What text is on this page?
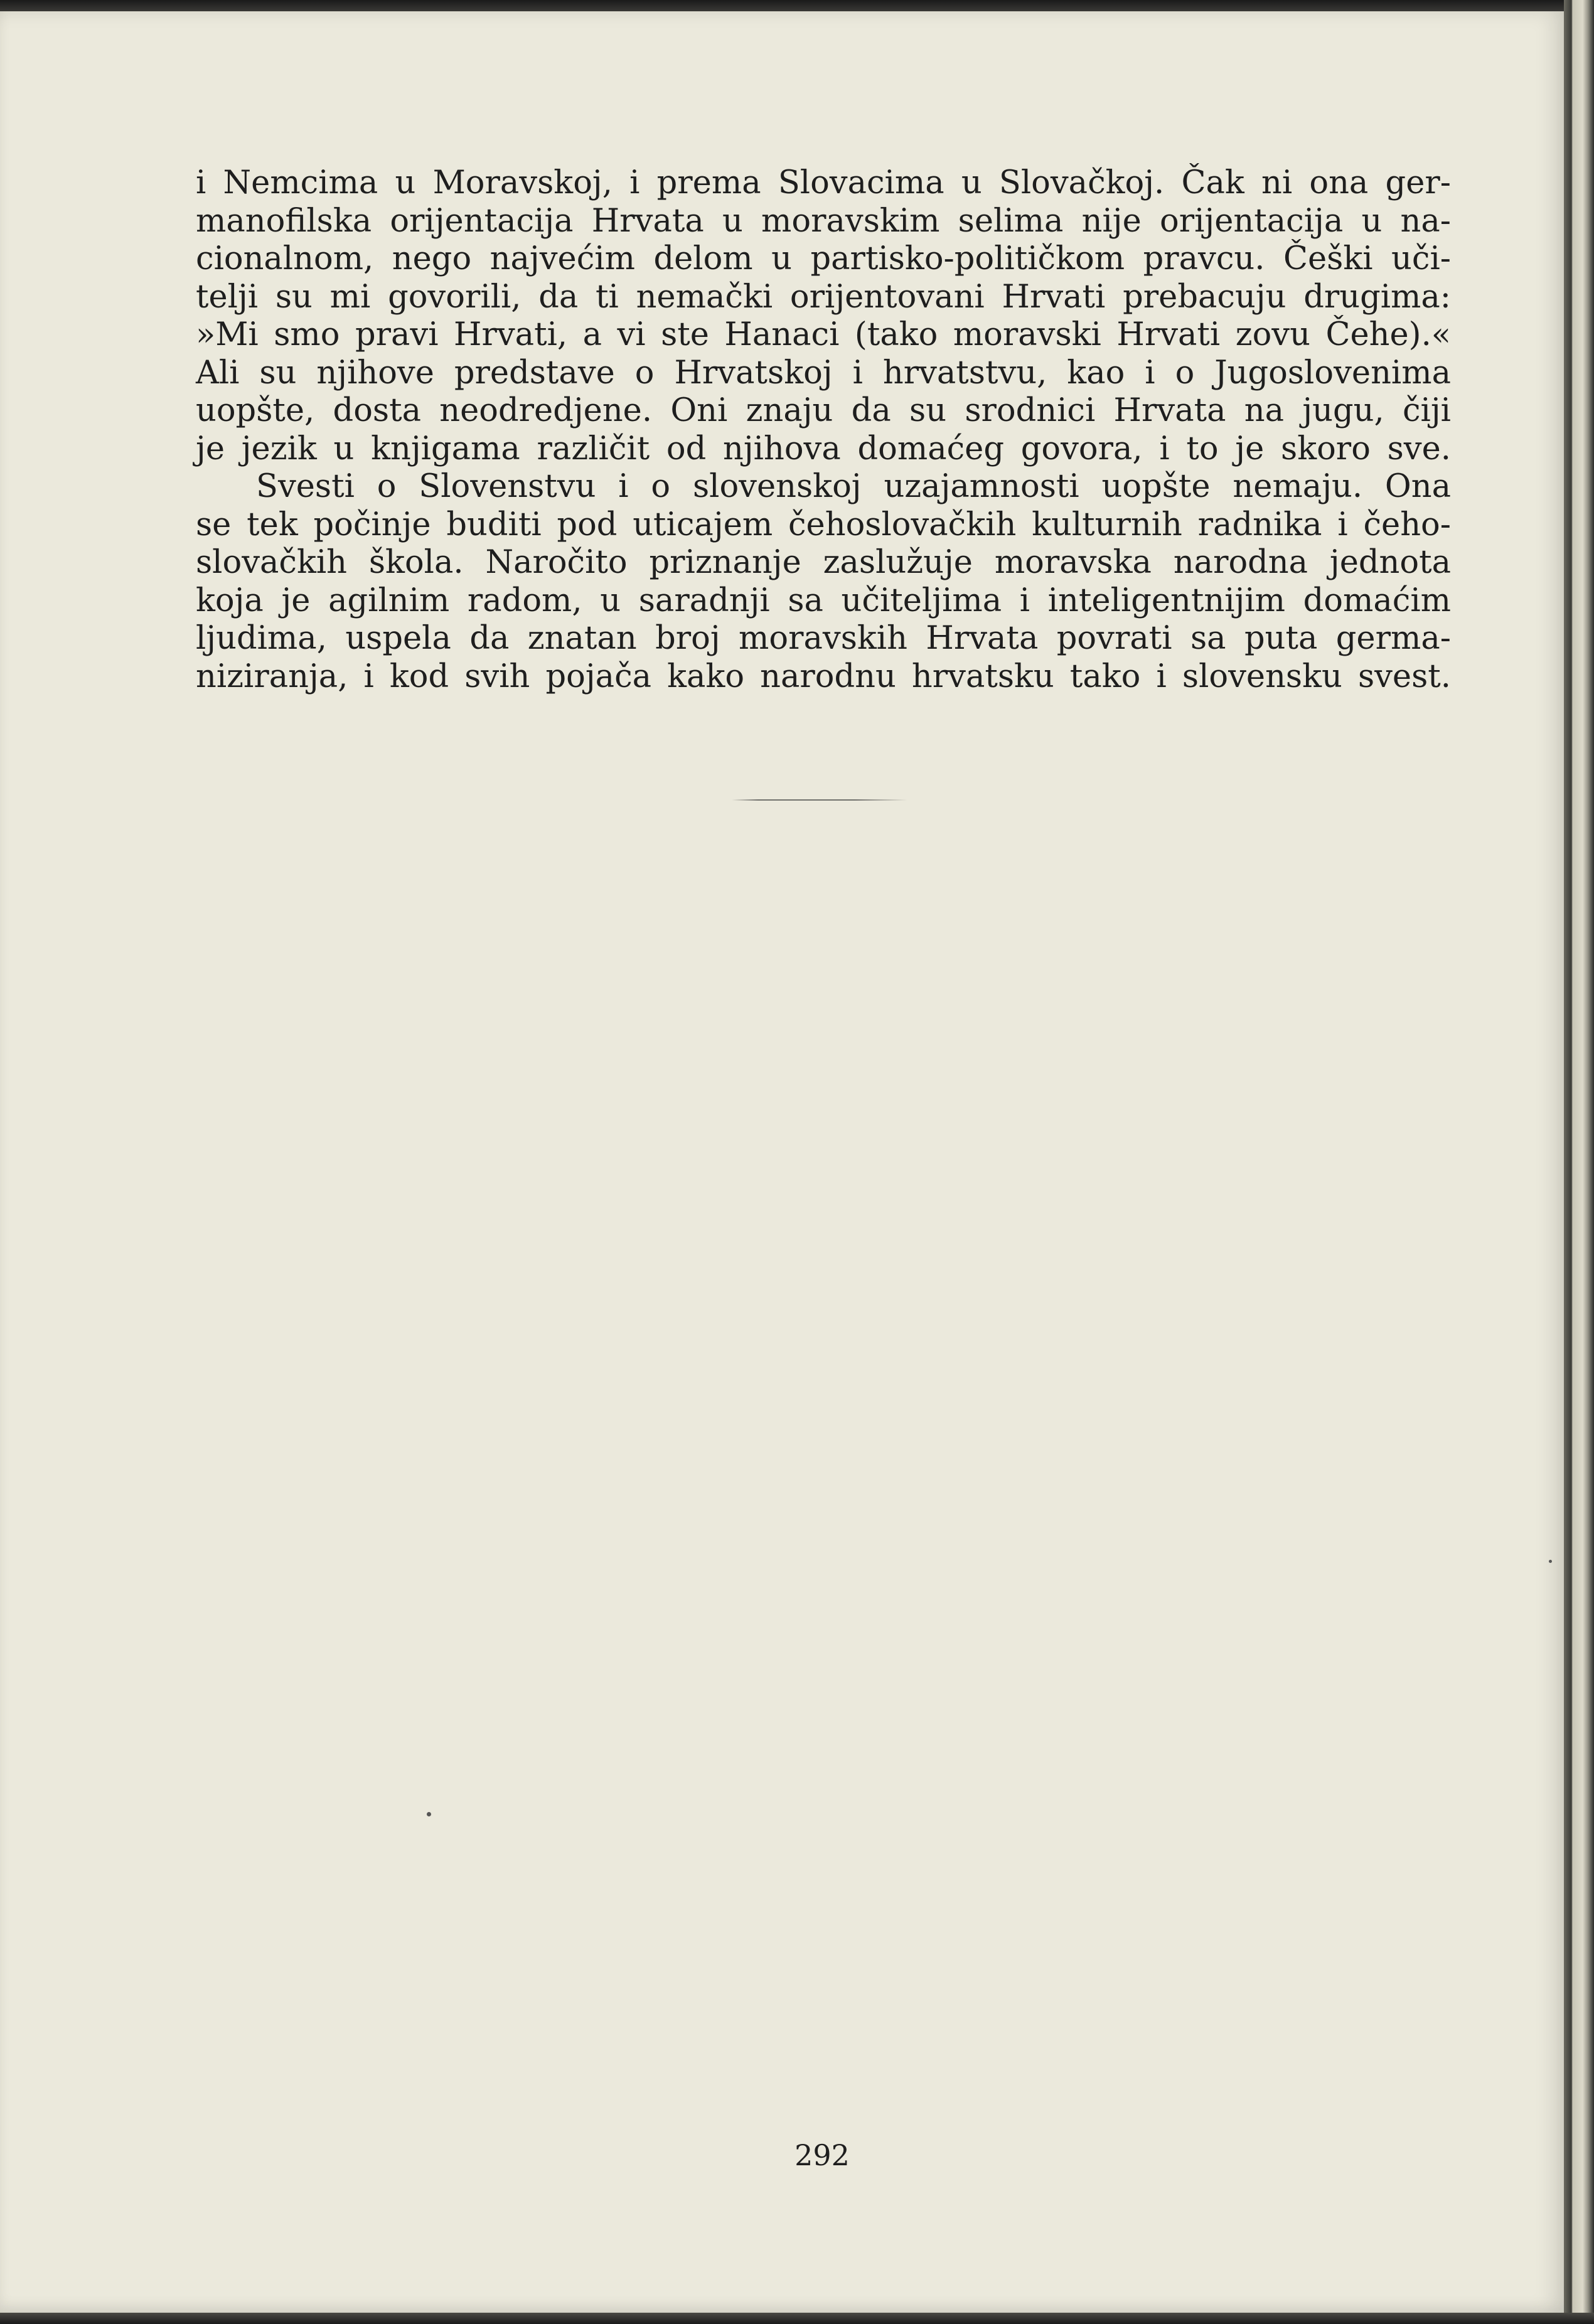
i Nemcima u Moravskoj, i prema Slovacima u Slovačkoj. Čak ni ona ger-
manofilska orijentacija Hrvata u moravskim selima nije orijentacija u na-
cionalnom, nego najvećim delom u partisko-političkom pravcu. Češki uči-
telji su mi govorili, da ti nemački orijentovani Hrvati prebacuju drugima:
»Mi smo pravi Hrvati, a vi ste Hanaci (tako moravski Hrvati zovu Čehe).«
Ali su njihove predstave o Hrvatskoj i hrvatstvu, kao i o Jugoslovenima
uopšte, dosta neodredjene. Oni znaju da su srodnici Hrvata na jugu, čiji
je jezik u knjigama različit od njihova domaćeg govora, i to je skoro sve.
Svesti o Slovenstvu i o slovenskoj uzajamnosti uopšte nemaju. Ona
se tek počinje buditi pod uticajem čehoslovačkih kulturnih radnika i čeho-
slovačkih škola. Naročito priznanje zaslužuje moravska narodna jednota
koja je agilnim radom, u saradnji sa učiteljima i inteligentnijim domaćim
ljudima, uspela da znatan broj moravskih Hrvata povrati sa puta germa-
niziranja, i kod svih pojača kako narodnu hrvatsku tako i slovensku svest.
292
